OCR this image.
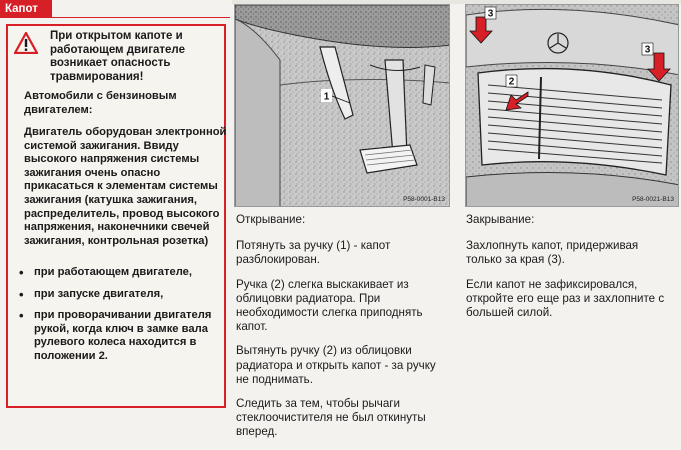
Капот
При открытом капоте и работающем двигателе возникает опасность травмирования!
Автомобили с бензиновым двигателем:
Двигатель оборудован электронной системой зажигания. Ввиду высокого напряжения системы зажигания очень опасно прикасаться к элементам системы зажигания (катушка зажигания, распределитель, провод высокого напряжения, наконечники свечей зажигания, контрольная розетка)
• при работающем двигателе,
• при запуске двигателя,
• при проворачивании двигателя рукой, когда ключ в замке вала рулевого колеса находится в положении 2.
1
P58-0001-B13
3
2
3
P58-0021-B13
Открывание:

Потянуть за ручку (1) - капот разблокирован.

Ручка (2) слегка выскакивает из облицовки радиатора. При необходимости слегка приподнять капот.

Вытянуть ручку (2) из облицовки радиатора и открыть капот - за ручку не поднимать.

Следить за тем, чтобы рычаги стеклоочистителя не был откинуты вперед.

Закрывание:

Захлопнуть капот, придерживая только за края (3).

Если капот не зафиксировался, откройте его еще раз и захлопните с большей силой.
